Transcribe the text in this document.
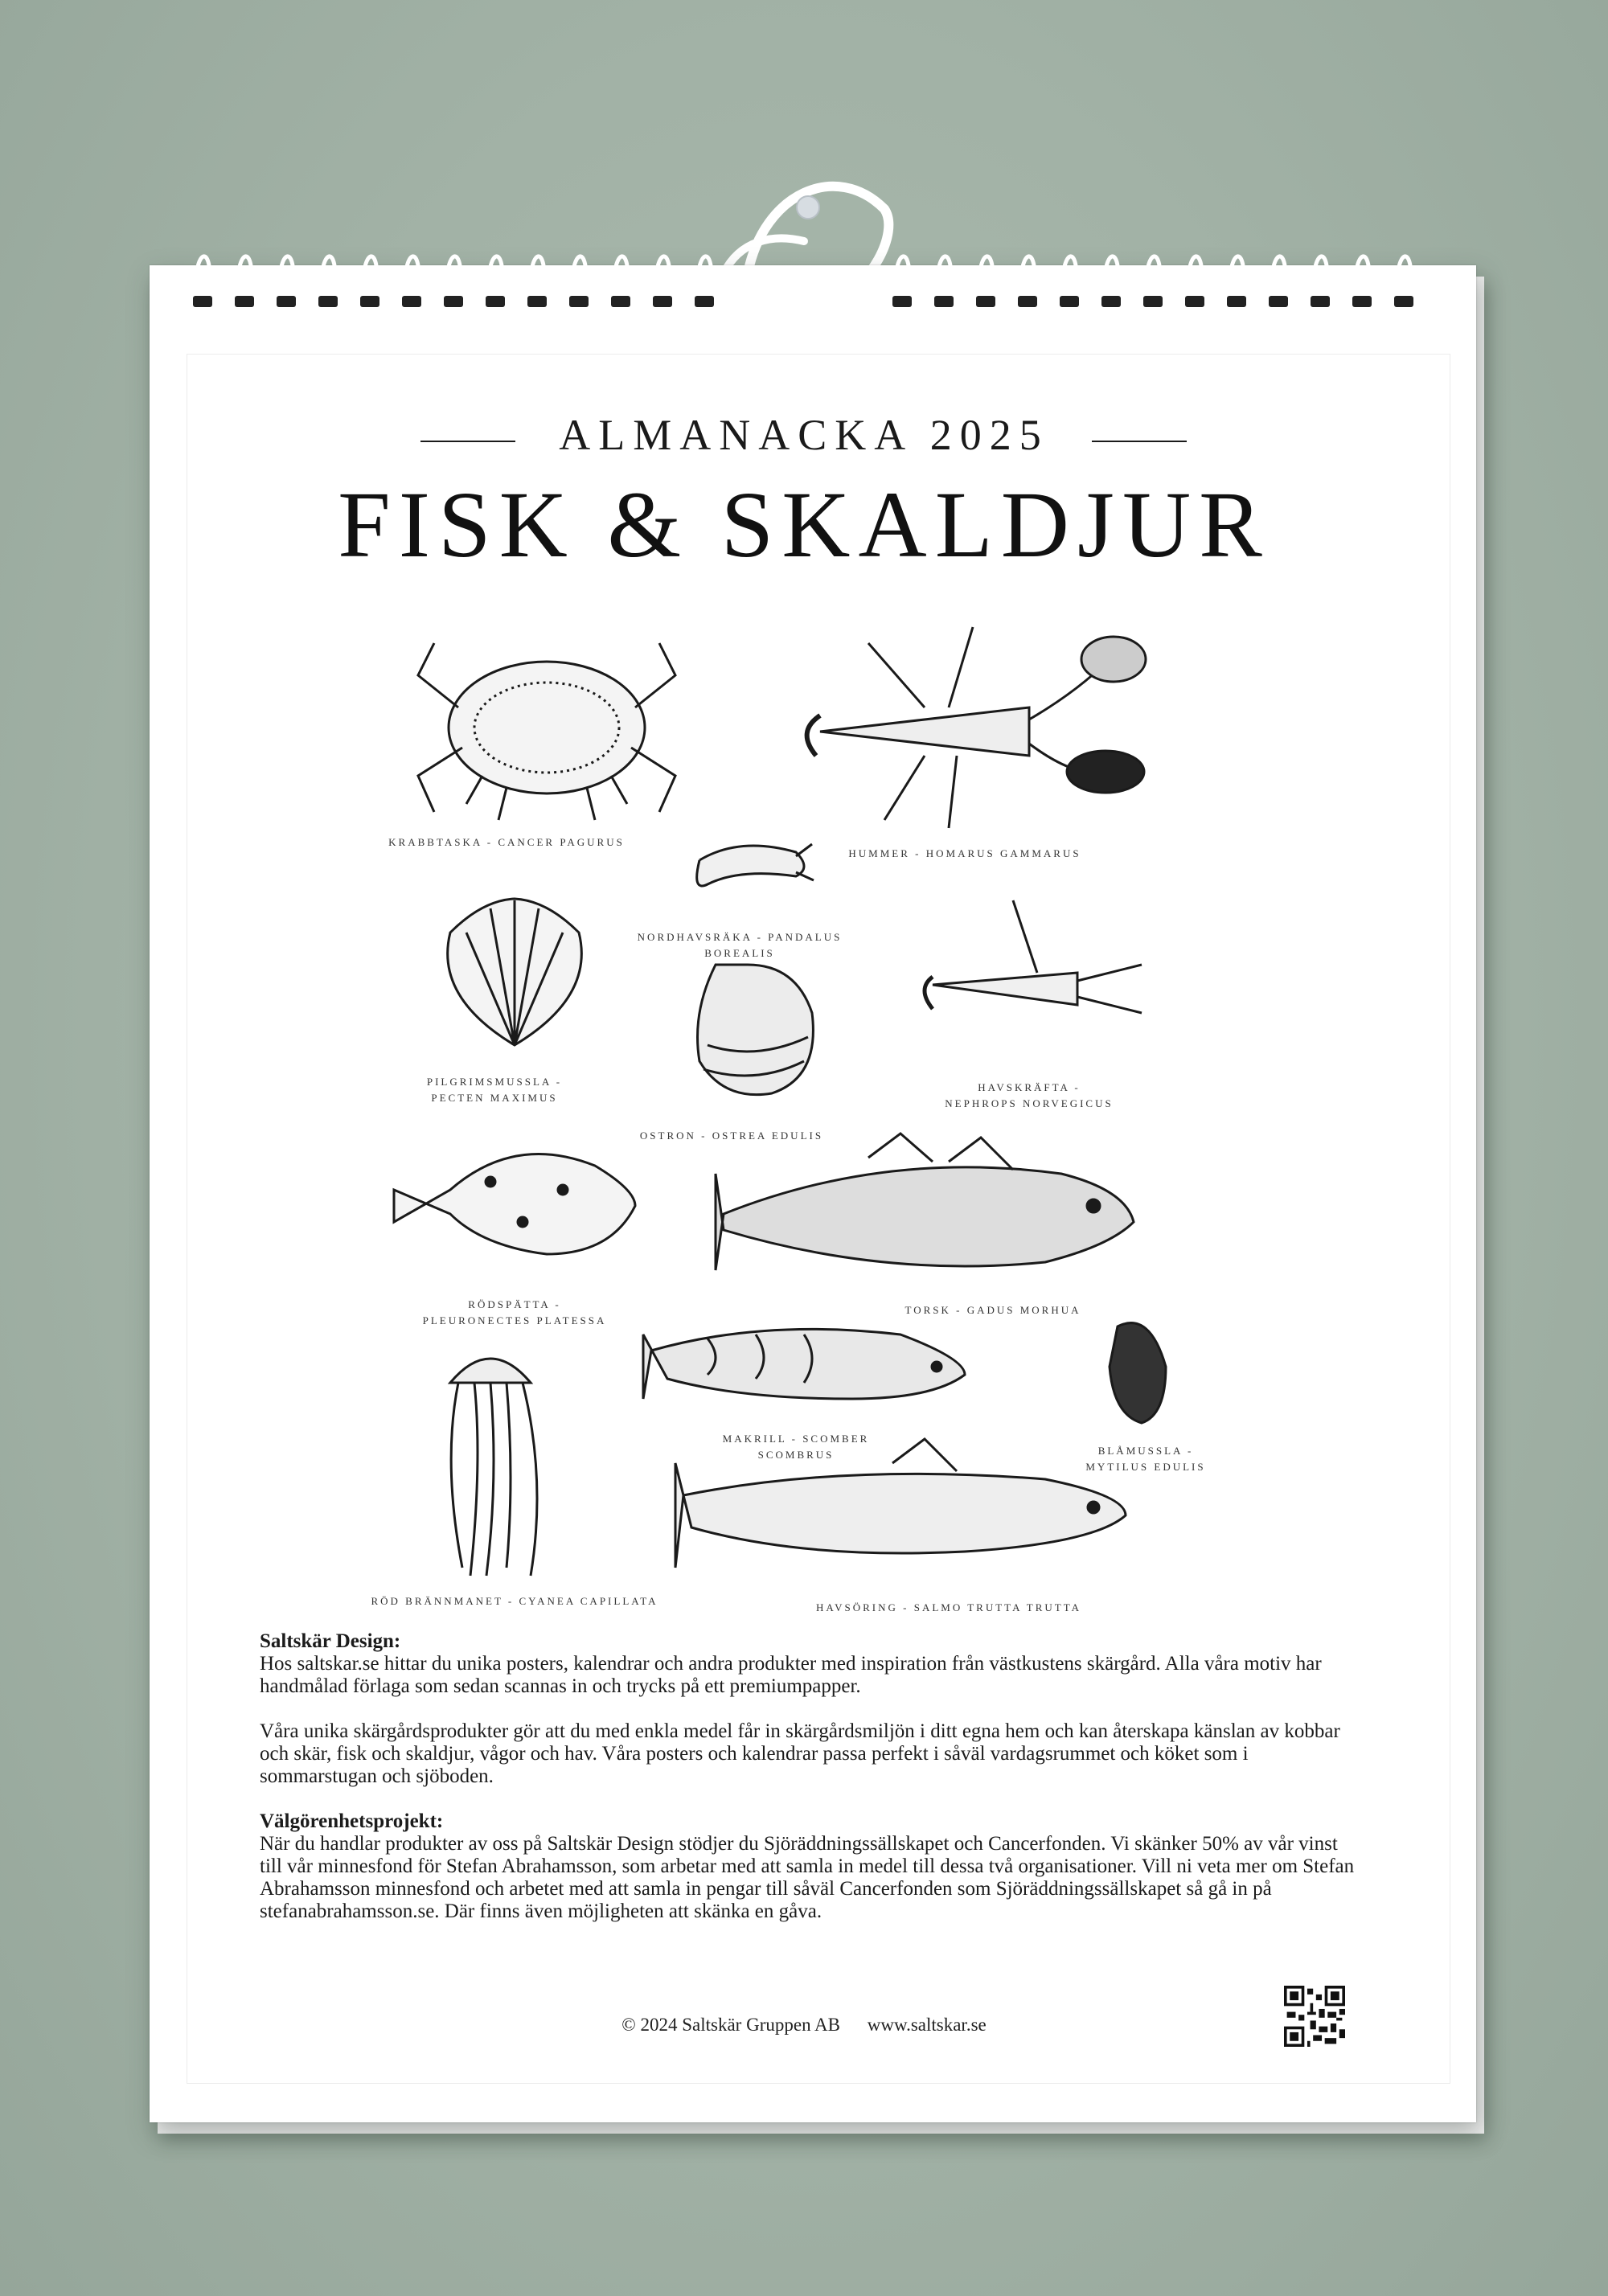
ALMANACKA 2025
FISK & SKALDJUR
KRABBTASKA - CANCER PAGURUS
HUMMER - HOMARUS GAMMARUS
NORDHAVSRÄKA - PANDALUS BOREALIS
PILGRIMSMUSSLA - PECTEN MAXIMUS
HAVSKRÄFTA - NEPHROPS NORVEGICUS
OSTRON - OSTREA EDULIS
RÖDSPÄTTA - PLEURONECTES PLATESSA
TORSK - GADUS MORHUA
MAKRILL - SCOMBER SCOMBRUS	BLÅMUSSLA - MYTILUS EDULIS
RÖD BRÄNNMANET - CYANEA CAPILLATA
HAVSÖRING - SALMO TRUTTA TRUTTA

Saltskär Design:

Hos saltskar.se hittar du unika posters, kalendrar och andra produkter med inspiration från västkustens skärgård. Alla våra motiv har handmålad förlaga som sedan scannas in och trycks på ett premiumpapper.

Våra unika skärgårdsprodukter gör att du med enkla medel får in skärgårdsmiljön i ditt egna hem och kan återskapa känslan av kobbar och skär, fisk och skaldjur, vågor och hav. Våra posters och kalendrar passa perfekt i såväl vardagsrummet och köket som i sommarstugan och sjöboden.

Välgörenhetsprojekt:

När du handlar produkter av oss på Saltskär Design stödjer du Sjöräddningssällskapet och Cancerfonden. Vi skänker 50% av vår vinst till vår minnesfond för Stefan Abrahamsson, som arbetar med att samla in medel till dessa två organisationer. Vill ni veta mer om Stefan Abrahamsson minnesfond och arbetet med att samla in pengar till såväl Cancerfonden som Sjöräddningssällskapet så gå in på stefanabrahamsson.se. Där finns även möjligheten att skänka en gåva.

© 2024 Saltskär Gruppen AB www.saltskar.se
